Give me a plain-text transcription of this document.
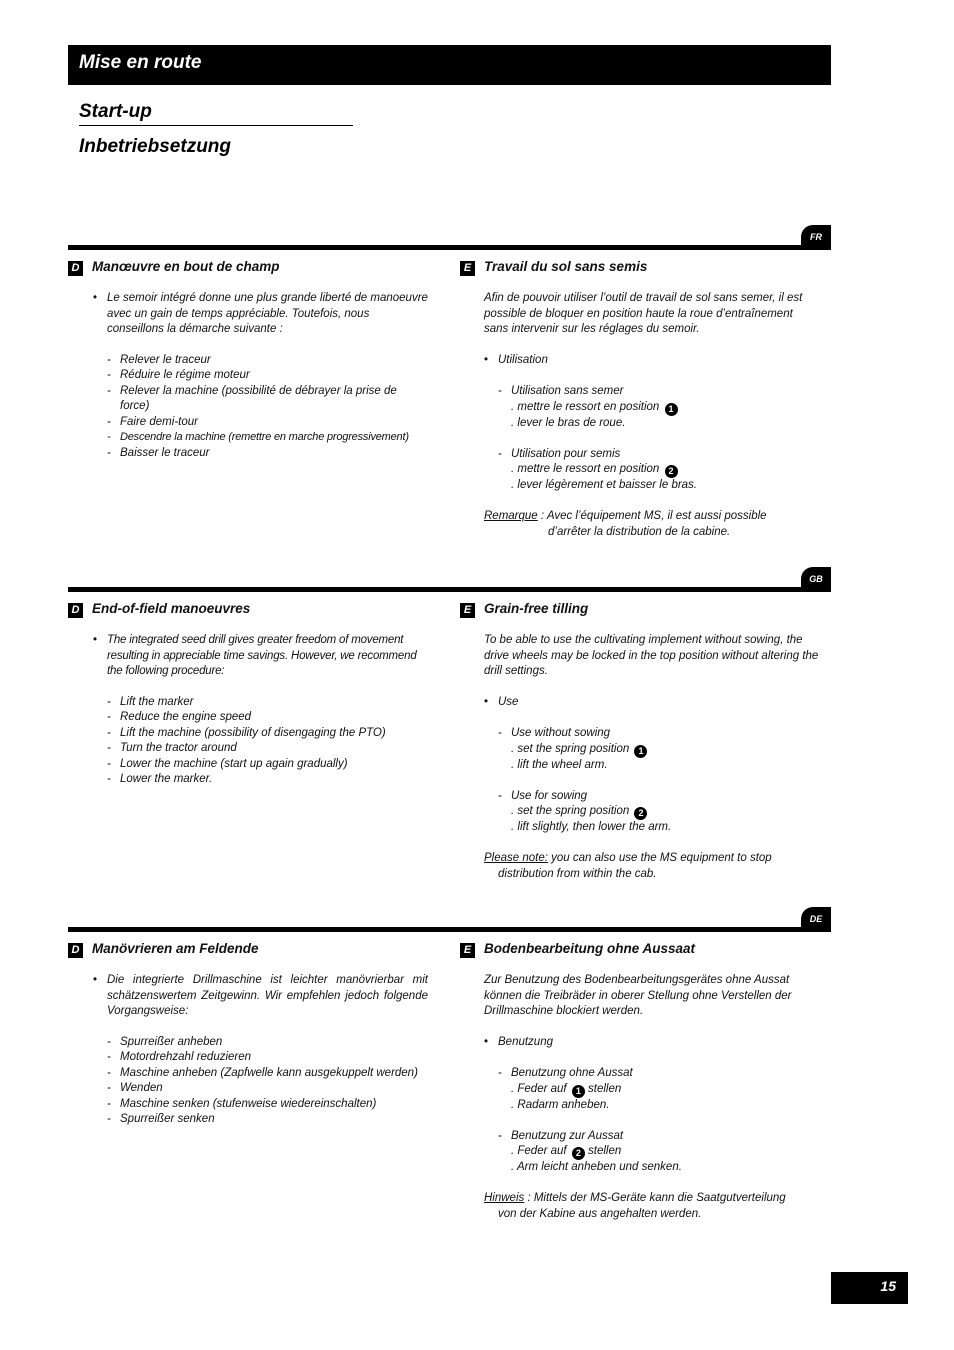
Mise en route
Start-up
Inbetriebsetzung
FR
D Manœuvre en bout de champ
• Le semoir intégré donne une plus grande liberté de manoeuvre avec un gain de temps appréciable. Toutefois, nous conseillons la démarche suivante :
- Relever le traceur
- Réduire le régime moteur
- Relever la machine (possibilité de débrayer la prise de force)
- Faire demi-tour
- Descendre la machine (remettre en marche progressivement)
- Baisser le traceur
E Travail du sol sans semis
Afin de pouvoir utiliser l’outil de travail de sol sans semer, il est possible de bloquer en position haute la roue d’entraînement sans intervenir sur les réglages du semoir.
• Utilisation
- Utilisation sans semer
. mettre le ressort en position 1
. lever le bras de roue.
- Utilisation pour semis
. mettre le ressort en position 2
. lever légèrement et baisser le bras.
Remarque : Avec l’équipement MS, il est aussi possible
d’arrêter la distribution de la cabine.
GB
D End-of-field manoeuvres
• The integrated seed drill gives greater freedom of movement resulting in appreciable time savings. However, we recommend the following procedure:
- Lift the marker
- Reduce the engine speed
- Lift the machine (possibility of disengaging the PTO)
- Turn the tractor around
- Lower the machine (start up again gradually)
- Lower the marker.
E Grain-free tilling
To be able to use the cultivating implement without sowing, the drive wheels may be locked in the top position without altering the drill settings.
• Use
- Use without sowing
. set the spring position 1
. lift the wheel arm.
- Use for sowing
. set the spring position 2
. lift slightly, then lower the arm.
Please note: you can also use the MS equipment to stop
distribution from within the cab.
DE
D Manövrieren am Feldende
• Die integrierte Drillmaschine ist leichter manövrierbar mit schätzenswertem Zeitgewinn. Wir empfehlen jedoch folgende Vorgangsweise:
- Spurreißer anheben
- Motordrehzahl reduzieren
- Maschine anheben (Zapfwelle kann ausgekuppelt werden)
- Wenden
- Maschine senken (stufenweise wiedereinschalten)
- Spurreißer senken
E Bodenbearbeitung ohne Aussaat
Zur Benutzung des Bodenbearbeitungsgerätes ohne Aussat können die Treibräder in oberer Stellung ohne Verstellen der Drillmaschine blockiert werden.
• Benutzung
- Benutzung ohne Aussat
. Feder auf 1 stellen
. Radarm anheben.
- Benutzung zur Aussat
. Feder auf 2 stellen
. Arm leicht anheben und senken.
Hinweis : Mittels der MS-Geräte kann die Saatgutverteilung
von der Kabine aus angehalten werden.
15
